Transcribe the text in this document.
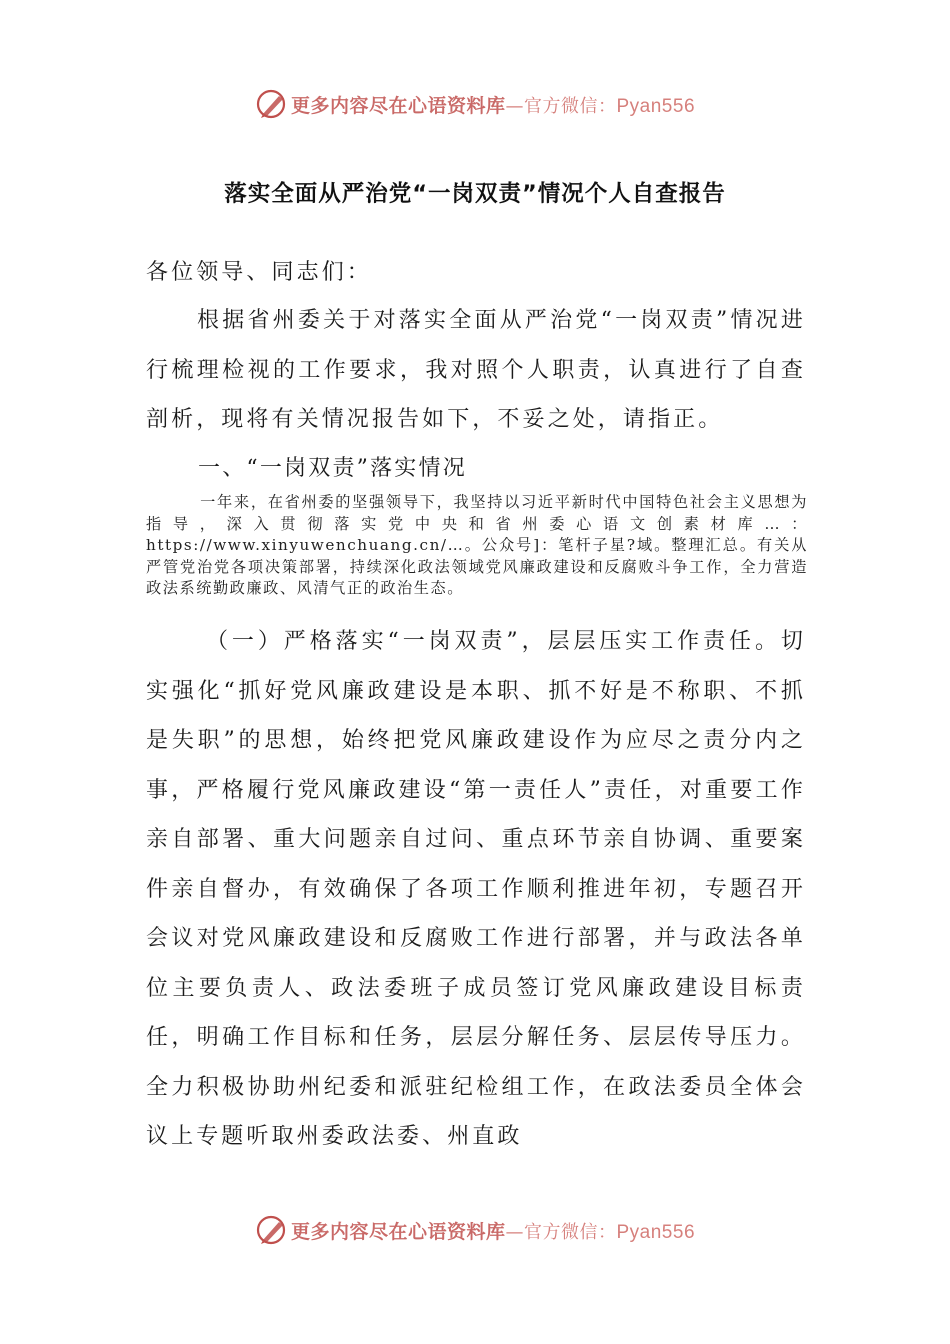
更多内容尽在心语资料库—官方微信：Pyan556
落实全面从严治党“一岗双责”情况个人自查报告
各位领导、同志们：
根据省州委关于对落实全面从严治党“一岗双责”情况进行梳理检视的工作要求，我对照个人职责，认真进行了自查剖析，现将有关情况报告如下，不妥之处，请指正。
一、“一岗双责”落实情况
一年来，在省州委的坚强领导下，我坚持以习近平新时代中国特色社会主义思想为指导，深入贯彻落实党中央和省州委心语文创素材库…：https://www.xinyuwenchuang.cn/…。公众号]：笔杆子星?域。整理汇总。有关从严管党治党各项决策部署，持续深化政法领域党风廉政建设和反腐败斗争工作，全力营造政法系统勤政廉政、风清气正的政治生态。
（一）严格落实“一岗双责”，层层压实工作责任。切实强化“抓好党风廉政建设是本职、抓不好是不称职、不抓是失职”的思想，始终把党风廉政建设作为应尽之责分内之事，严格履行党风廉政建设“第一责任人”责任，对重要工作亲自部署、重大问题亲自过问、重点环节亲自协调、重要案件亲自督办，有效确保了各项工作顺利推进年初，专题召开会议对党风廉政建设和反腐败工作进行部署，并与政法各单位主要负责人、政法委班子成员签订党风廉政建设目标责任，明确工作目标和任务，层层分解任务、层层传导压力。全力积极协助州纪委和派驻纪检组工作，在政法委员全体会议上专题听取州委政法委、州直政
更多内容尽在心语资料库—官方微信：Pyan556
